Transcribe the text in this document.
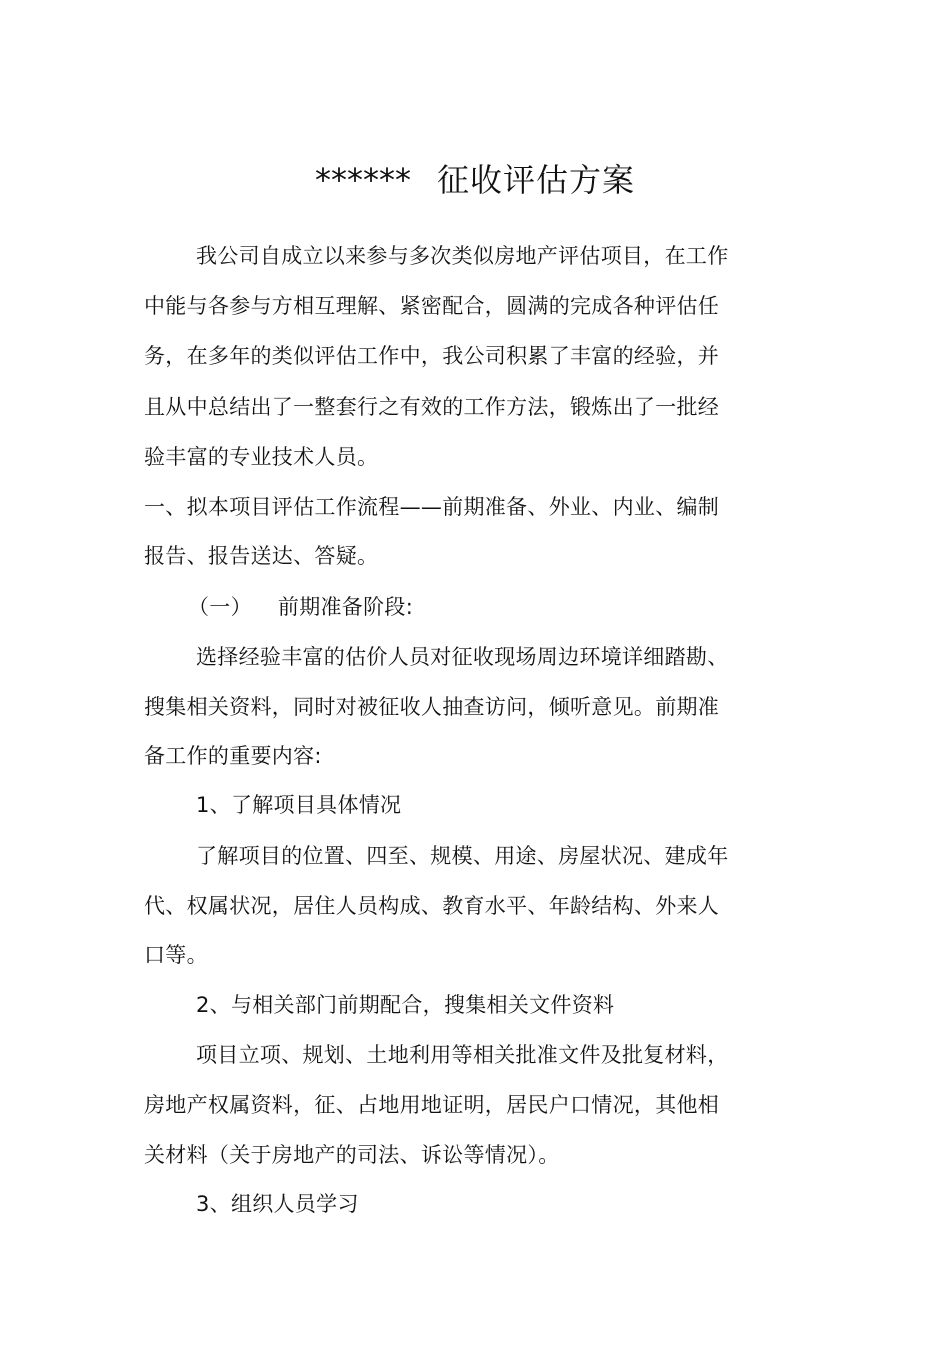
****** 征收评估方案
我公司自成立以来参与多次类似房地产评估项目，在工作
中能与各参与方相互理解、紧密配合，圆满的完成各种评估任
务，在多年的类似评估工作中，我公司积累了丰富的经验，并
且从中总结出了一整套行之有效的工作方法，锻炼出了一批经
验丰富的专业技术人员。
一、拟本项目评估工作流程——前期准备、外业、内业、编制
报告、报告送达、答疑。
（一） 前期准备阶段:
选择经验丰富的估价人员对征收现场周边环境详细踏勘、
搜集相关资料，同时对被征收人抽查访问，倾听意见。前期准
备工作的重要内容:
1、了解项目具体情况
了解项目的位置、四至、规模、用途、房屋状况、建成年
代、权属状况，居住人员构成、教育水平、年龄结构、外来人
口等。
2、与相关部门前期配合，搜集相关文件资料
项目立项、规划、土地利用等相关批准文件及批复材料，
房地产权属资料，征、占地用地证明，居民户口情况，其他相
关材料（关于房地产的司法、诉讼等情况）。
3、组织人员学习
